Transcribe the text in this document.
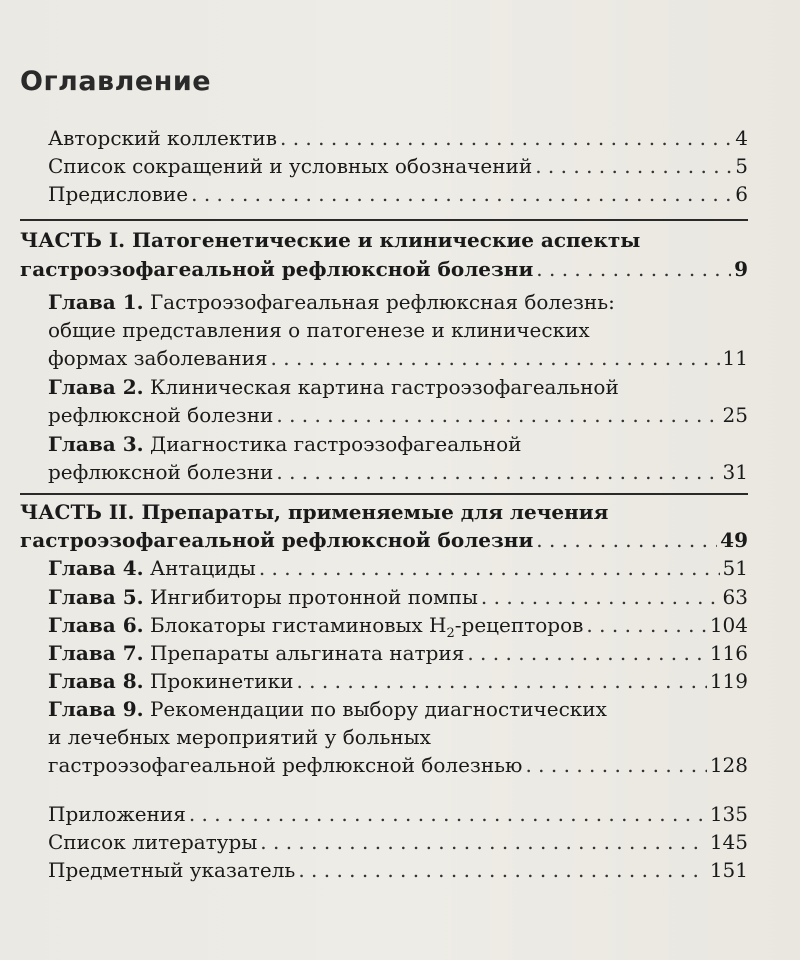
Оглавление
Авторский коллектив . . .	4
Список сокращений и условных обозначений . . .	5
Предисловие . . .	6
ЧАСТЬ I. Патогенетические и клинические аспекты
гастроэзофагеальной рефлюксной болезни . . .	9
Глава 1. Гастроэзофагеальная рефлюксная болезнь:
общие представления о патогенезе и клинических
формах заболевания . . .	11
Глава 2. Клиническая картина гастроэзофагеальной
рефлюксной болезни . . .	25
Глава 3. Диагностика гастроэзофагеальной
рефлюксной болезни . . .	31
ЧАСТЬ II. Препараты, применяемые для лечения
гастроэзофагеальной рефлюксной болезни . . .	49
Глава 4. Антациды . . .	51
Глава 5. Ингибиторы протонной помпы . . .	63
Глава 6. Блокаторы гистаминовых $H_2$-рецепторов . . .	104
Глава 7. Препараты альгината натрия . . .	116
Глава 8. Прокинетики . . .	119
Глава 9. Рекомендации по выбору диагностических
и лечебных мероприятий у больных
гастроэзофагеальной рефлюксной болезнью . . .	128
Приложения . . .	135
Список литературы . . .	145
Предметный указатель . . .	151
